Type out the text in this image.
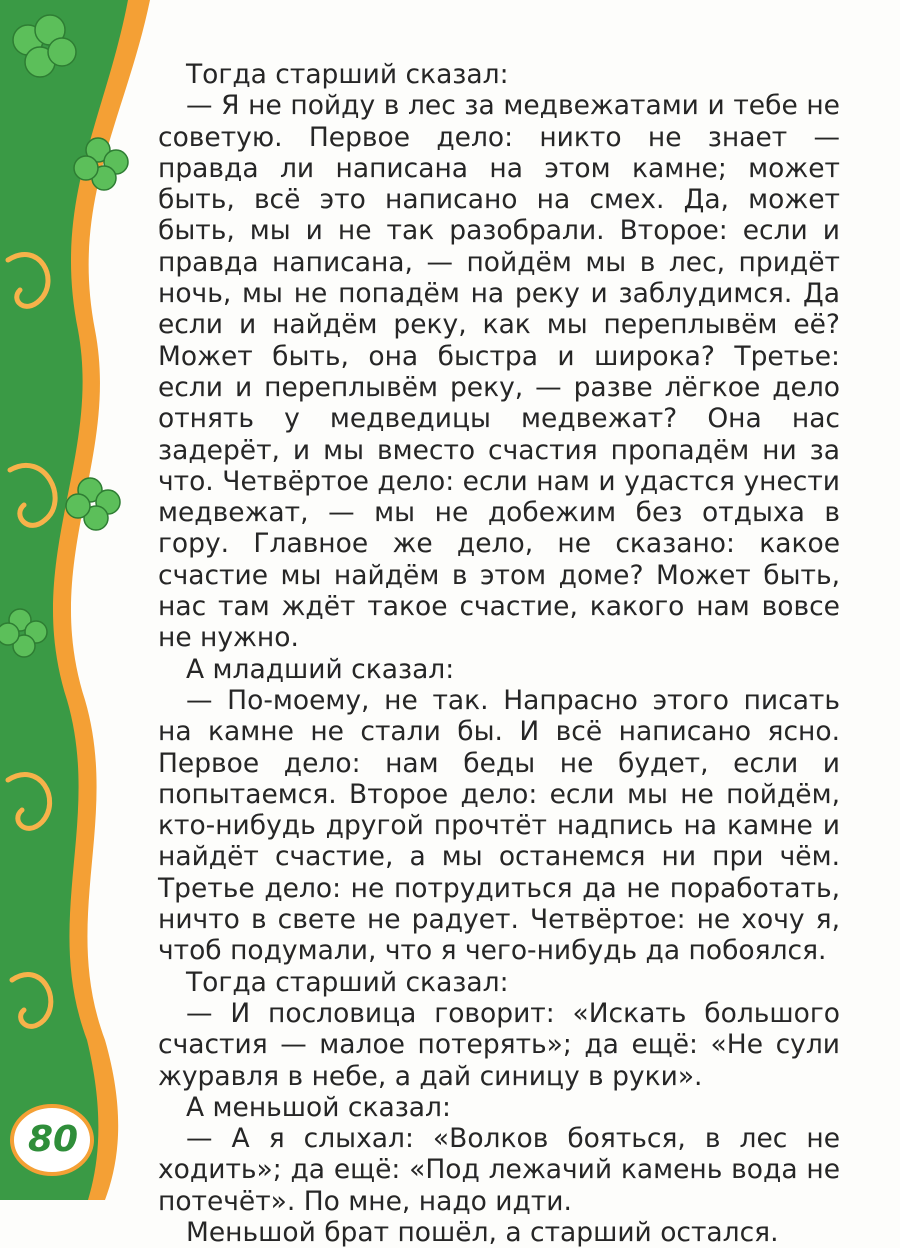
80

Тогда старший сказал:

— Я не пойду в лес за медвежатами и тебе не советую. Первое дело: никто не знает — правда ли написана на этом камне; может быть, всё это написано на смех. Да, может быть, мы и не так разобрали. Второе: если и правда написана, — пойдём мы в лес, придёт ночь, мы не попадём на реку и заблудимся. Да если и найдём реку, как мы переплывём её? Может быть, она быстра и широка? Третье: если и переплывём реку, — разве лёгкое дело отнять у медведицы медвежат? Она нас задерёт, и мы вместо счастия пропадём ни за что. Четвёртое дело: если нам и удастся унести медвежат, — мы не добежим без отдыха в гору. Главное же дело, не сказано: какое счастие мы найдём в этом доме? Может быть, нас там ждёт такое счастие, какого нам вовсе не нужно.

А младший сказал:

— По-моему, не так. Напрасно этого писать на камне не стали бы. И всё написано ясно. Первое дело: нам беды не будет, если и попытаемся. Второе дело: если мы не пойдём, кто-нибудь другой прочтёт надпись на камне и найдёт счастие, а мы останемся ни при чём. Третье дело: не потрудиться да не поработать, ничто в свете не радует. Четвёртое: не хочу я, чтоб подумали, что я чего-нибудь да побоялся.

Тогда старший сказал:

— И пословица говорит: «Искать большого счастия — малое потерять»; да ещё: «Не сули журавля в небе, а дай синицу в руки».

А меньшой сказал:

— А я слыхал: «Волков бояться, в лес не ходить»; да ещё: «Под лежачий камень вода не потечёт». По мне, надо идти.

Меньшой брат пошёл, а старший остался.
